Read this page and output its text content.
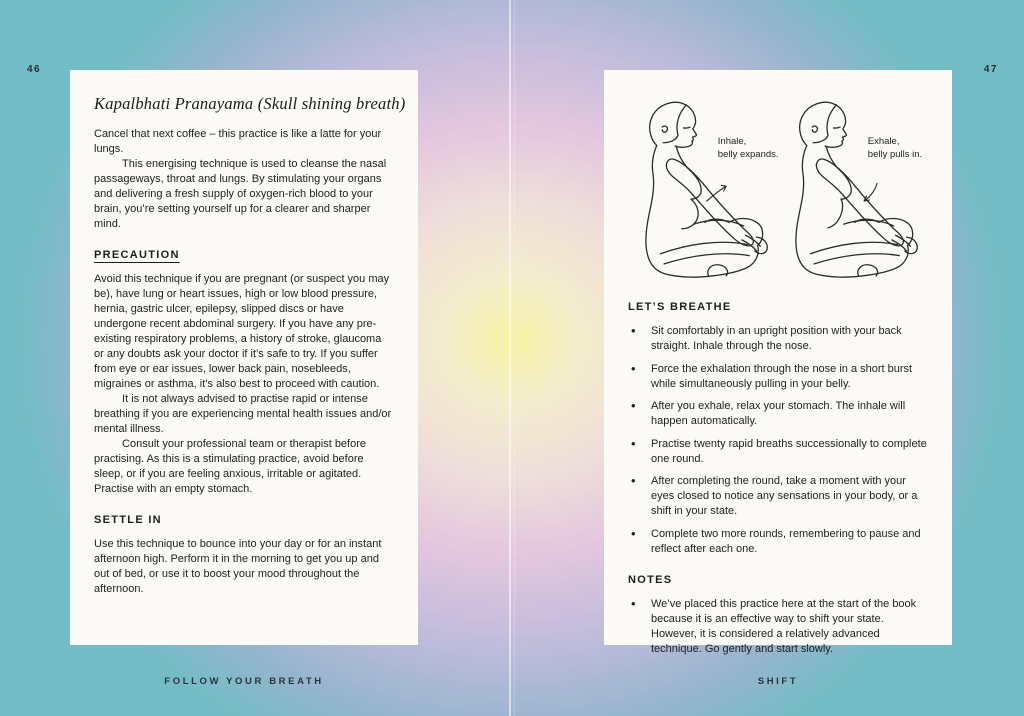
46	47
Kapalbhati Pranayama (Skull shining breath)

Cancel that next coffee – this practice is like a latte for your lungs.

This energising technique is used to cleanse the nasal passageways, throat and lungs. By stimulating your organs and delivering a fresh supply of oxygen-rich blood to your brain, you’re setting yourself up for a clearer and sharper mind.

PRECAUTION

Avoid this technique if you are pregnant (or suspect you may be), have lung or heart issues, high or low blood pressure, hernia, gastric ulcer, epilepsy, slipped discs or have undergone recent abdominal surgery. If you have any pre-existing respiratory problems, a history of stroke, glaucoma or any doubts ask your doctor if it’s safe to try. If you suffer from eye or ear issues, lower back pain, nosebleeds, migraines or asthma, it’s also best to proceed with caution.

It is not always advised to practise rapid or intense breathing if you are experiencing mental health issues and/or mental illness.

Consult your professional team or therapist before practising. As this is a stimulating practice, avoid before sleep, or if you are feeling anxious, irritable or agitated. Practise with an empty stomach.

SETTLE IN

Use this technique to bounce into your day or for an instant afternoon high. Perform it in the morning to get you up and out of bed, or use it to boost your mood throughout the afternoon.

Inhale,
belly expands.
Exhale,
belly pulls in.
LET’S BREATHE
• Sit comfortably in an upright position with your back straight. Inhale through the nose.
• Force the exhalation through the nose in a short burst while simultaneously pulling in your belly.
• After you exhale, relax your stomach. The inhale will happen automatically.
• Practise twenty rapid breaths successionally to complete one round.
• After completing the round, take a moment with your eyes closed to notice any sensations in your body, or a shift in your state.
• Complete two more rounds, remembering to pause and reflect after each one.
NOTES
• We’ve placed this practice here at the start of the book because it is an effective way to shift your state. However, it is considered a relatively advanced technique. Go gently and start slowly.
FOLLOW YOUR BREATH	SHIFT
